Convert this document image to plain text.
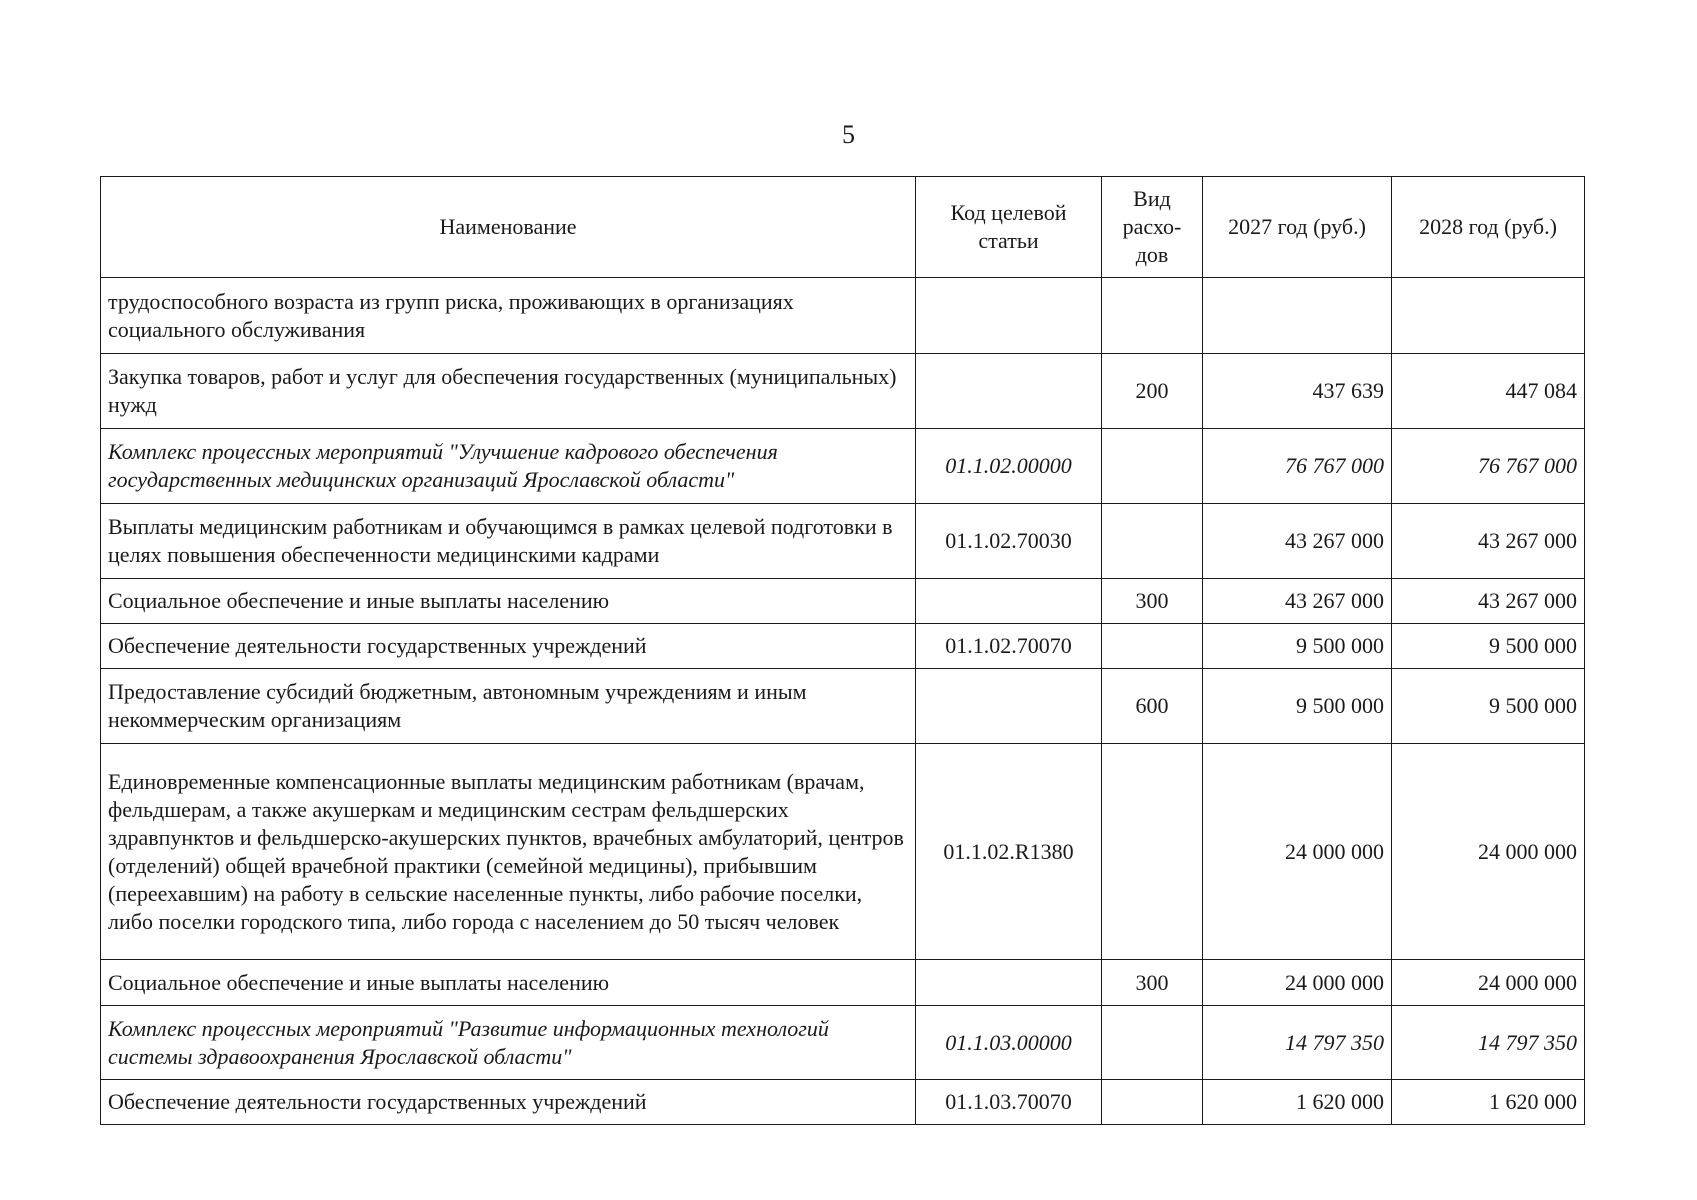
5
Наименование	Код целевой статьи	Вид расхо-дов	2027 год (руб.)	2028 год (руб.)
трудоспособного возраста из групп риска, проживающих в организациях социального обслуживания				
Закупка товаров, работ и услуг для обеспечения государственных (муниципальных) нужд		200	437 639	447 084
Комплекс процессных мероприятий "Улучшение кадрового обеспечения государственных медицинских организаций Ярославской области"	01.1.02.00000		76 767 000	76 767 000
Выплаты медицинским работникам и обучающимся в рамках целевой подготовки в целях повышения обеспеченности медицинскими кадрами	01.1.02.70030		43 267 000	43 267 000
Социальное обеспечение и иные выплаты населению		300	43 267 000	43 267 000
Обеспечение деятельности государственных учреждений	01.1.02.70070		9 500 000	9 500 000
Предоставление субсидий бюджетным, автономным учреждениям и иным некоммерческим организациям		600	9 500 000	9 500 000
Единовременные компенсационные выплаты медицинским работникам (врачам, фельдшерам, а также акушеркам и медицинским сестрам фельдшерских здравпунктов и фельдшерско-акушерских пунктов, врачебных амбулаторий, центров (отделений) общей врачебной практики (семейной медицины), прибывшим (переехавшим) на работу в сельские населенные пункты, либо рабочие поселки, либо поселки городского типа, либо города с населением до 50 тысяч человек	01.1.02.R1380		24 000 000	24 000 000
Социальное обеспечение и иные выплаты населению		300	24 000 000	24 000 000
Комплекс процессных мероприятий "Развитие информационных технологий системы здравоохранения Ярославской области"	01.1.03.00000		14 797 350	14 797 350
Обеспечение деятельности государственных учреждений	01.1.03.70070		1 620 000	1 620 000
